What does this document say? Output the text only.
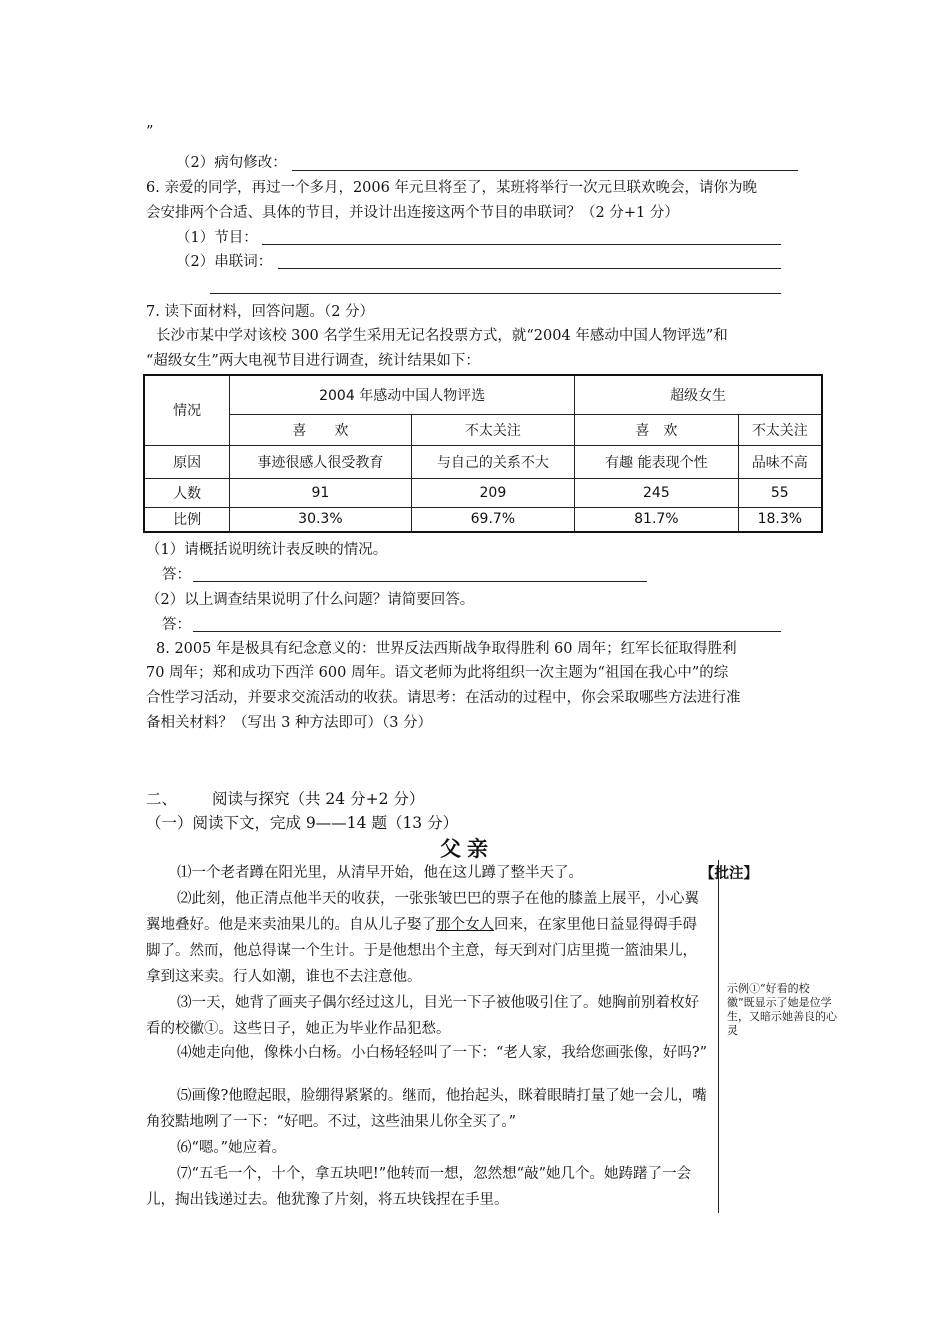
”
（2）病句修改：
6. 亲爱的同学，再过一个多月，2006 年元旦将至了，某班将举行一次元旦联欢晚会，请你为晚
会安排两个合适、具体的节目，并设计出连接这两个节目的串联词？（2 分+1 分）
（1）节目：
（2）串联词：
7. 读下面材料，回答问题。（2 分）
长沙市某中学对该校 300 名学生采用无记名投票方式，就“2004 年感动中国人物评选”和
“超级女生”两大电视节目进行调查，统计结果如下：
情况	2004 年感动中国人物评选		超级女生	
	喜　　欢	不太关注	喜　欢	不太关注
原因	事迹很感人很受教育	与自己的关系不大	有趣 能表现个性	品味不高
人数	91	209	245	55
比例	30.3%	69.7%	81.7%	18.3%
（1）请概括说明统计表反映的情况。
答：
（2）以上调查结果说明了什么问题？请简要回答。
答：
8. 2005 年是极具有纪念意义的：世界反法西斯战争取得胜利 60 周年；红军长征取得胜利
70 周年；郑和成功下西洋 600 周年。语文老师为此将组织一次主题为“祖国在我心中”的综
合性学习活动，并要求交流活动的收获。请思考：在活动的过程中，你会采取哪些方法进行准
备相关材料？（写出 3 种方法即可）（3 分）
二、 阅读与探究（共 24 分+2 分）
（一）阅读下文，完成 9——14 题（13 分）
父亲
【批注】
示例①“好看的校徽”既显示了她是位学生，又暗示她善良的心灵
⑴一个老者蹲在阳光里，从清早开始，他在这儿蹲了整半天了。
⑵此刻，他正清点他半天的收获，一张张皱巴巴的票子在他的膝盖上展平，小心翼翼地叠好。他是来卖油果儿的。自从儿子娶了那个女人回来，在家里他日益显得碍手碍脚了。然而，他总得谋一个生计。于是他想出个主意，每天到对门店里揽一篮油果儿，拿到这来卖。行人如潮，谁也不去注意他。
⑶一天，她背了画夹子偶尔经过这儿，目光一下子被他吸引住了。她胸前别着枚好看的校徽①。这些日子，她正为毕业作品犯愁。
⑷她走向他，像株小白杨。小白杨轻轻叫了一下：“老人家，我给您画张像，好吗?”
⑸画像?他瞪起眼，脸绷得紧紧的。继而，他抬起头，眯着眼睛打量了她一会儿，嘴角狡黠地咧了一下：“好吧。不过，这些油果儿你全买了。”
⑹“嗯。”她应着。
⑺“五毛一个，十个，拿五块吧!”他转而一想，忽然想“敲”她几个。她踌躇了一会儿，掏出钱递过去。他犹豫了片刻，将五块钱捏在手里。
